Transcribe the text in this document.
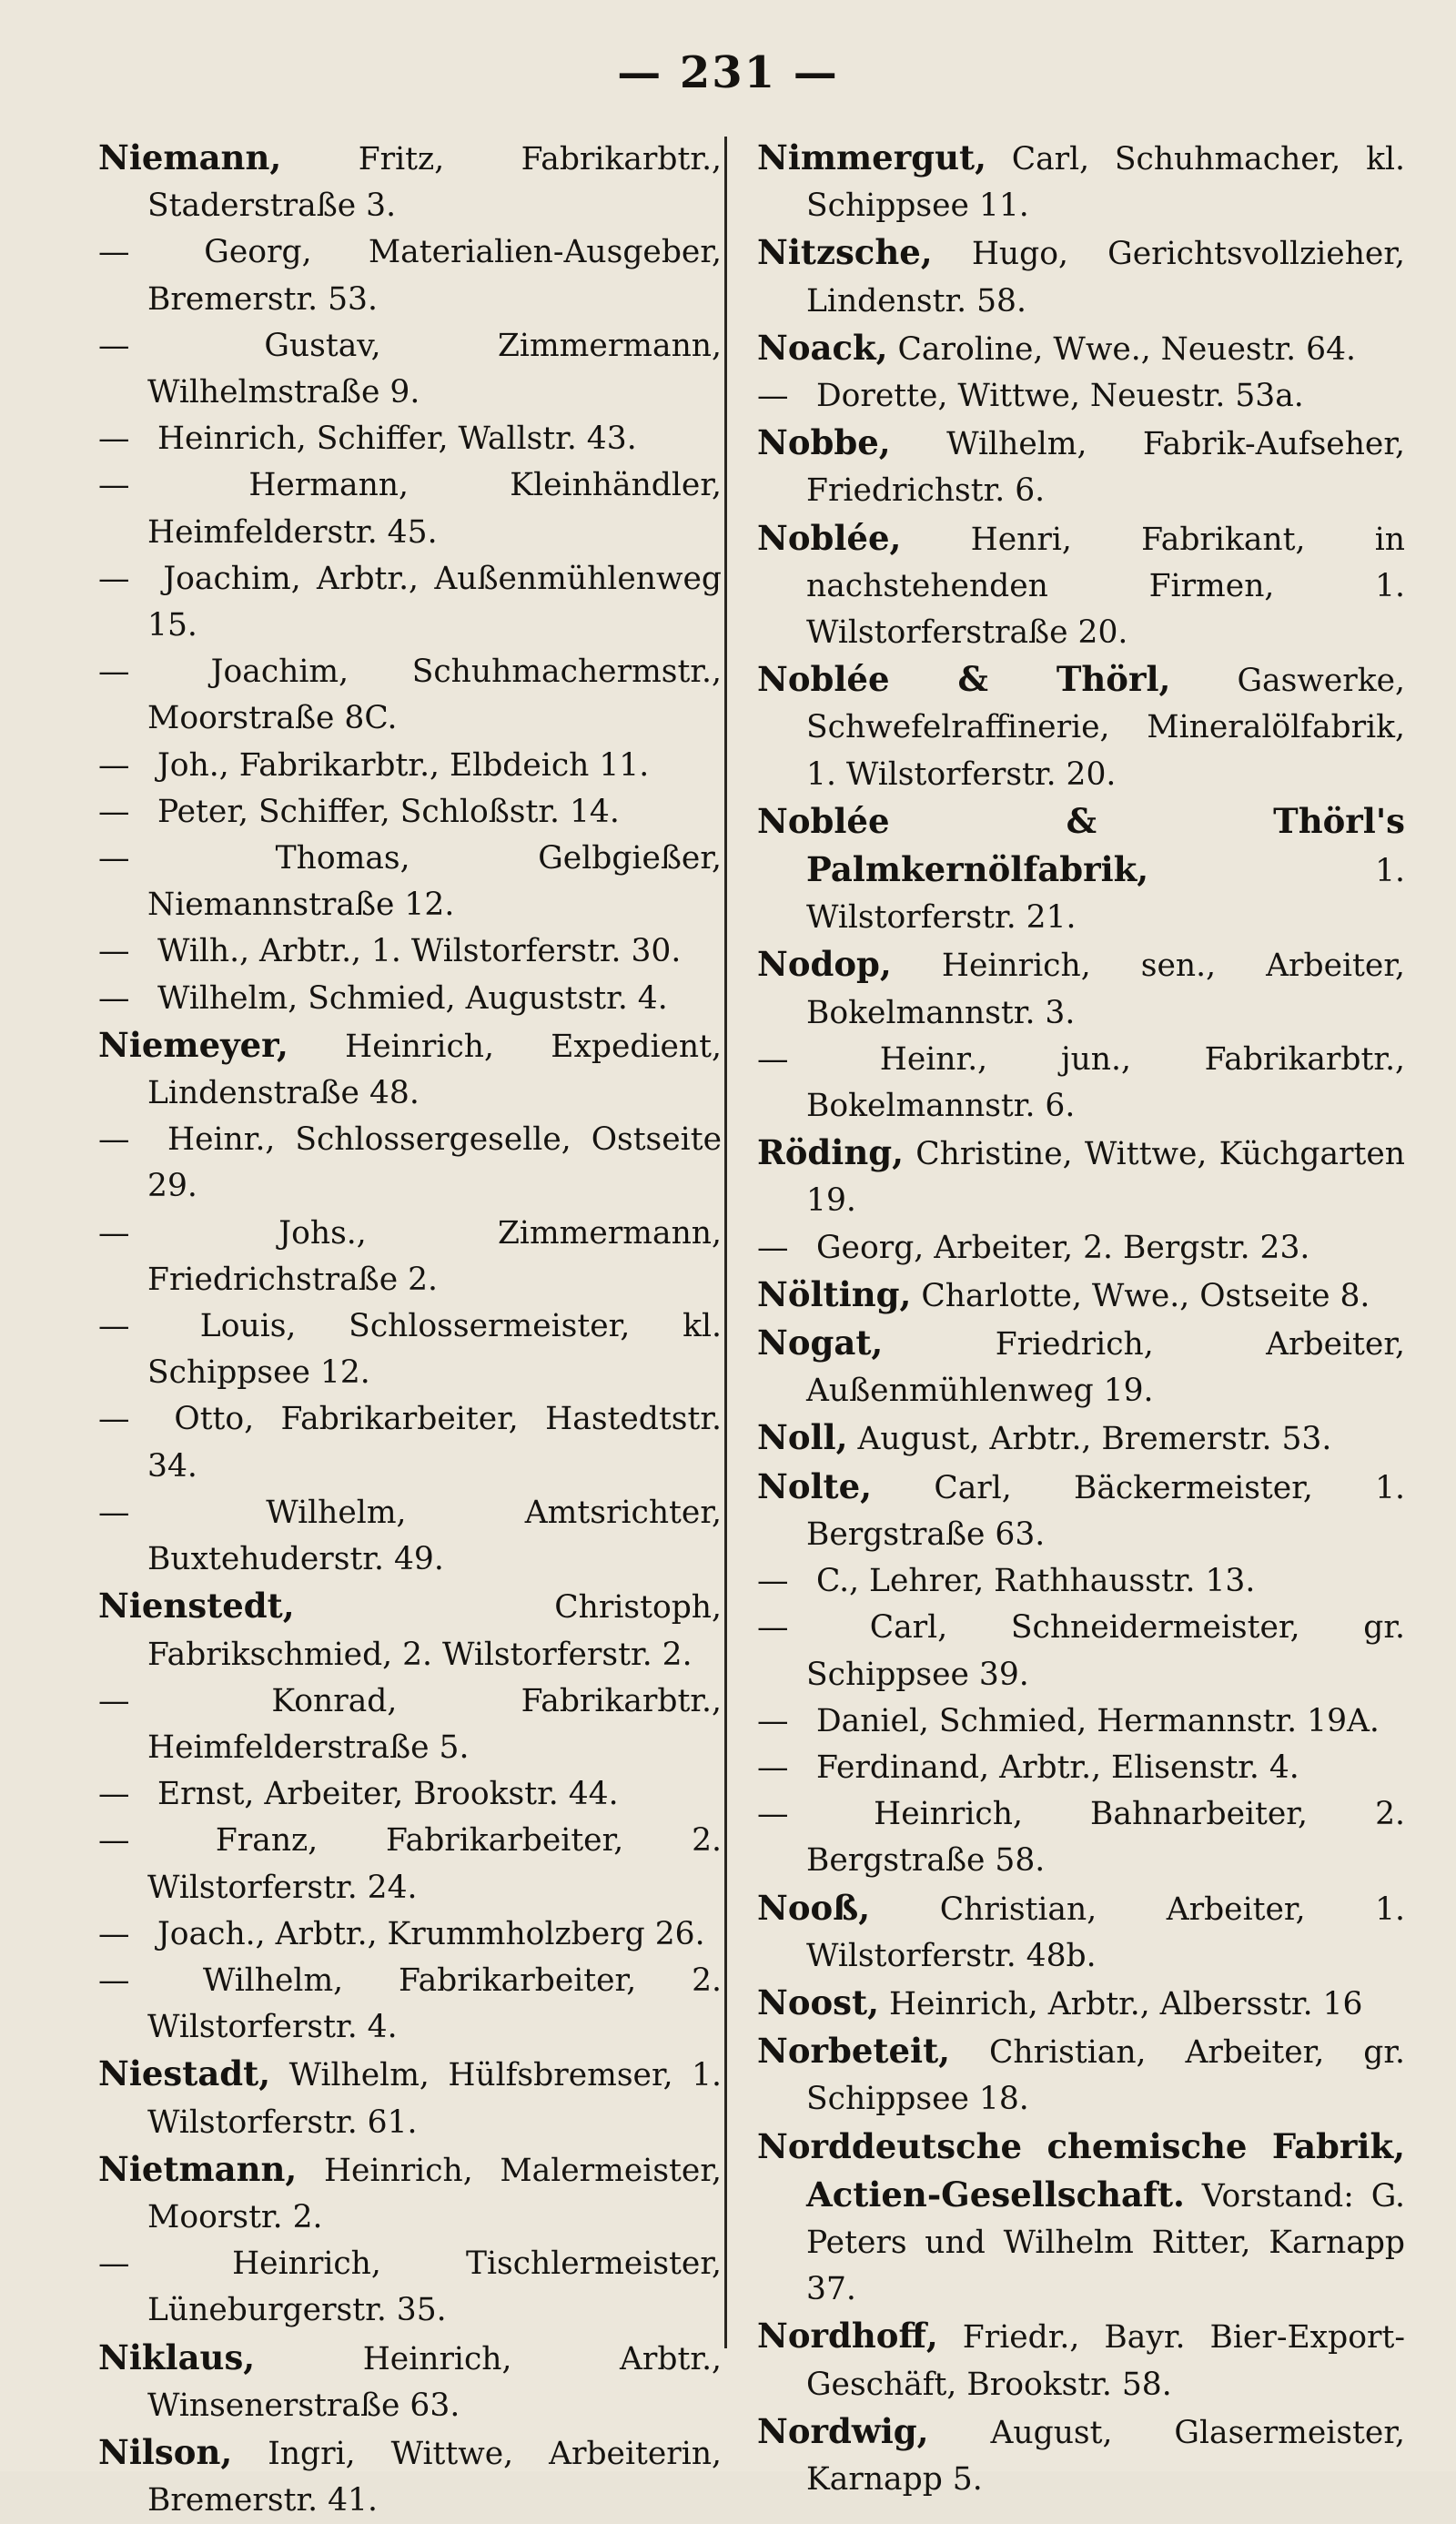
— 231 —

Niemann, Fritz, Fabrikarbtr., Staderstraße 3.

— Georg, Materialien-Ausgeber, Bremerstr. 53.

—	Gustav, Zimmermann, Wilhelmstraße 9.

— Heinrich, Schiffer, Wallstr. 43.

—	Hermann, Kleinhändler, Heimfelderstr. 45.

— Joachim, Arbtr., Außenmühlenweg 15.

—	Joachim, Schuhmachermstr., Moorstraße 8C.

— Joh., Fabrikarbtr., Elbdeich 11.

— Peter, Schiffer, Schloßstr. 14.

—	Thomas, Gelbgießer, Niemannstraße 12.

— Wilh., Arbtr., 1. Wilstorferstr. 30.

— Wilhelm, Schmied, Auguststr. 4.

Niemeyer, Heinrich, Expedient, Lindenstraße 48.

— Heinr., Schlossergeselle, Ostseite 29.

—	Johs., Zimmermann, Friedrichstraße 2.

— Louis, Schlossermeister, kl. Schippsee 12.

— Otto, Fabrikarbeiter, Hastedtstr. 34.

—	Wilhelm, Amtsrichter, Buxtehuderstr. 49.

Nienstedt,	Christoph, Fabrikschmied, 2. Wilstorferstr. 2.

—	Konrad, Fabrikarbtr., Heimfelderstraße 5.

— Ernst, Arbeiter, Brookstr. 44.

—	Franz, Fabrikarbeiter, 2. Wilstorferstr. 24.

— Joach., Arbtr., Krummholzberg 26.

— Wilhelm, Fabrikarbeiter, 2. Wilstorferstr. 4.

Niestadt, Wilhelm, Hülfsbremser, 1. Wilstorferstr. 61.

Nietmann, Heinrich, Malermeister, Moorstr. 2.

—	Heinrich, Tischlermeister, Lüneburgerstr. 35.

Niklaus,	Heinrich, Arbtr., Winsenerstraße 63.

Nilson, Ingri, Wittwe, Arbeiterin, Bremerstr. 41.

Nimmergut, Carl, Schuhmacher, kl. Schippsee 11.

Nitzsche, Hugo, Gerichtsvollzieher, Lindenstr. 58.

Noack, Caroline, Wwe., Neuestr. 64.

— Dorette, Wittwe, Neuestr. 53a.

Nobbe, Wilhelm, Fabrik-Aufseher, Friedrichstr. 6.

Noblée, Henri, Fabrikant, in nachstehenden Firmen, 1. Wilstorferstraße 20.

Noblée & Thörl, Gaswerke, Schwefelraffinerie, Mineralölfabrik, 1. Wilstorferstr. 20.

Noblée & Thörl's Palmkernölfabrik,	1. Wilstorferstr. 21.

Nodop, Heinrich, sen., Arbeiter, Bokelmannstr. 3.

—	Heinr., jun., Fabrikarbtr., Bokelmannstr. 6.

Röding, Christine, Wittwe, Küchgarten 19.

— Georg, Arbeiter, 2. Bergstr. 23.

Nölting, Charlotte, Wwe., Ostseite 8.

Nogat,	Friedrich, Arbeiter, Außenmühlenweg 19.

Noll, August, Arbtr., Bremerstr. 53.

Nolte, Carl, Bäckermeister, 1. Bergstraße 63.

— C., Lehrer, Rathhausstr. 13.

—	Carl, Schneidermeister, gr. Schippsee 39.

— Daniel, Schmied, Hermannstr. 19A.

— Ferdinand, Arbtr., Elisenstr. 4.

—	Heinrich, Bahnarbeiter, 2. Bergstraße 58.

Nooß, Christian, Arbeiter, 1. Wilstorferstr. 48b.

Noost, Heinrich, Arbtr., Albersstr. 16

Norbeteit, Christian, Arbeiter, gr. Schippsee 18.

Norddeutsche chemische Fabrik, Actien-Gesellschaft. Vorstand: G. Peters und Wilhelm Ritter, Karnapp 37.

Nordhoff, Friedr., Bayr. Bier-Export-Geschäft, Brookstr. 58.

Nordwig, August, Glasermeister, Karnapp 5.
